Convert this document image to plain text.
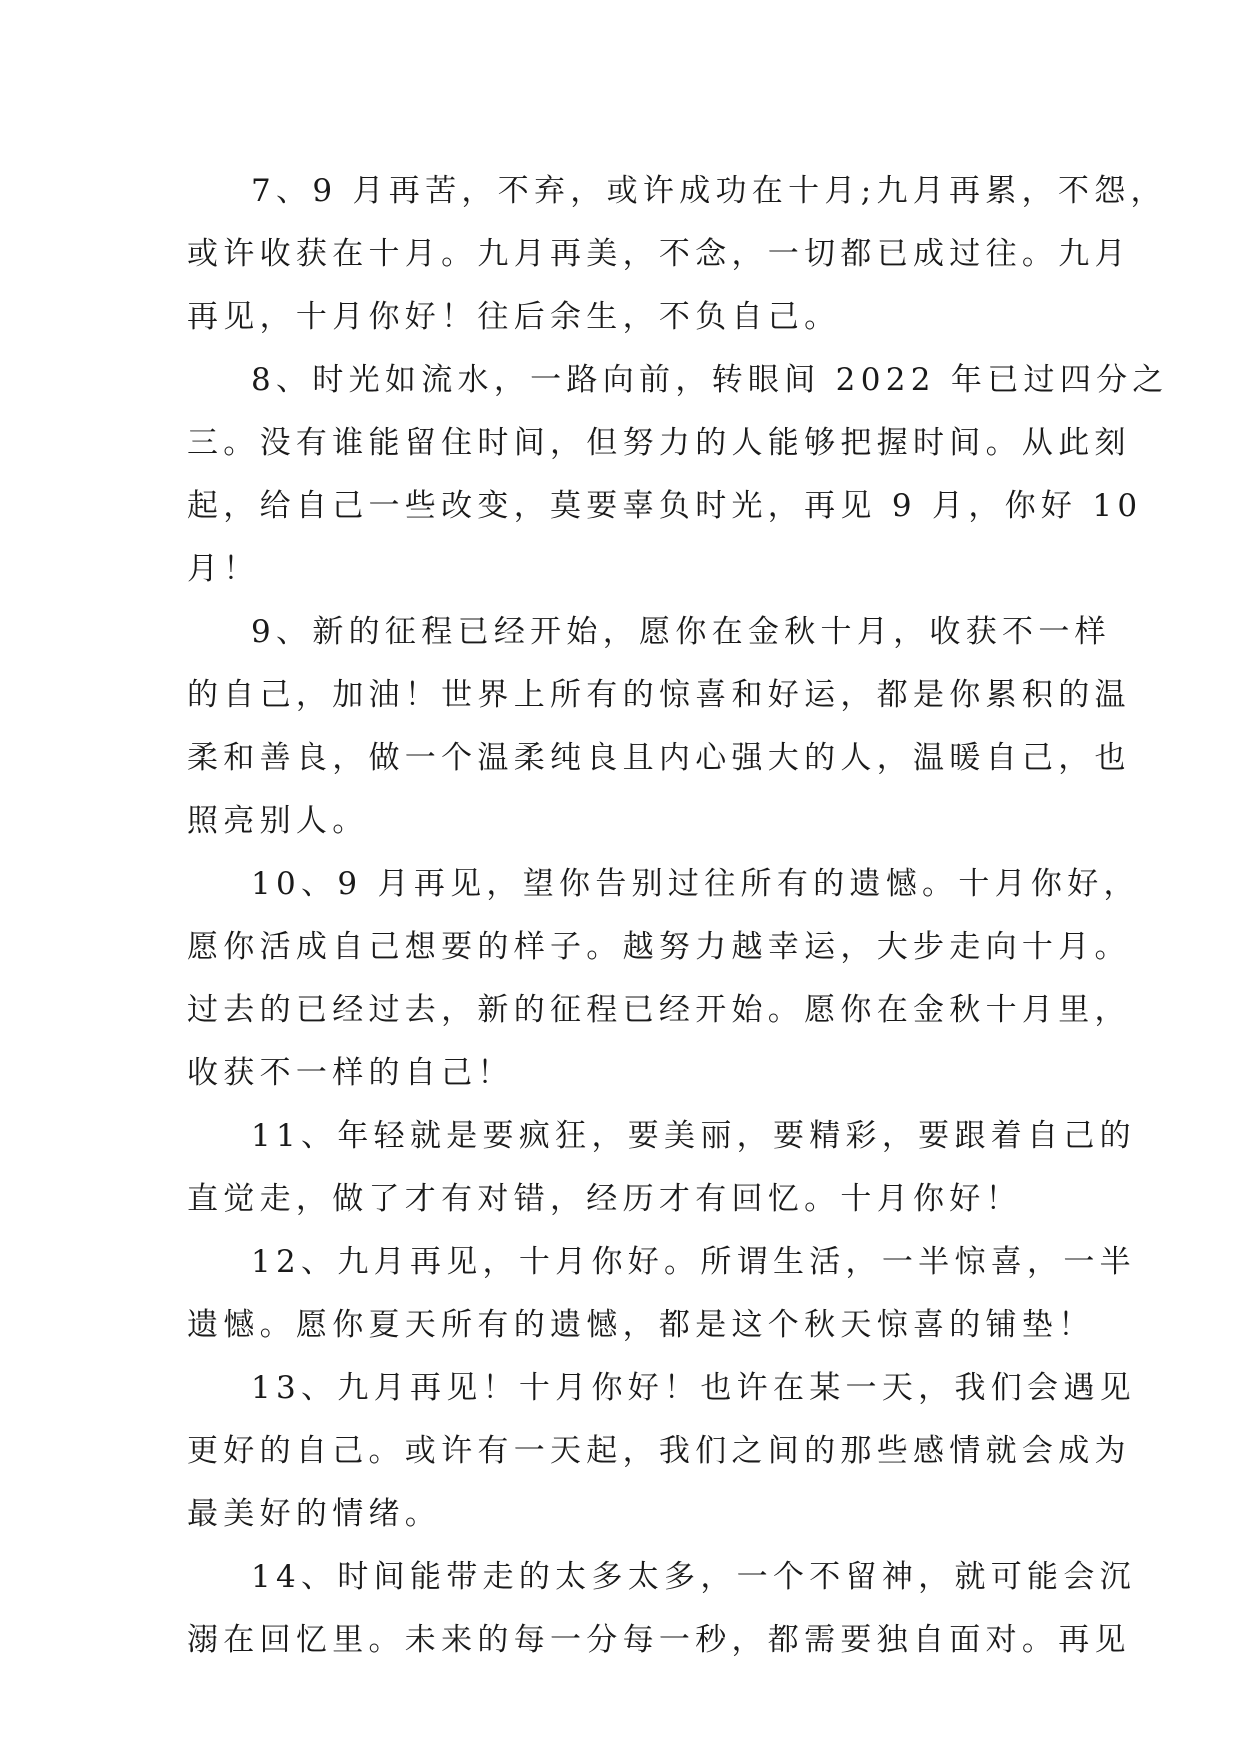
7、9 月再苦，不弃，或许成功在十月;九月再累，不怨，
或许收获在十月。九月再美，不念，一切都已成过往。九月
再见，十月你好！往后余生，不负自己。
8、时光如流水，一路向前，转眼间 2022 年已过四分之
三。没有谁能留住时间，但努力的人能够把握时间。从此刻
起，给自己一些改变，莫要辜负时光，再见 9 月，你好 10
月！
9、新的征程已经开始，愿你在金秋十月，收获不一样
的自己，加油！世界上所有的惊喜和好运，都是你累积的温
柔和善良，做一个温柔纯良且内心强大的人，温暖自己，也
照亮别人。
10、9 月再见，望你告别过往所有的遗憾。十月你好，
愿你活成自己想要的样子。越努力越幸运，大步走向十月。
过去的已经过去，新的征程已经开始。愿你在金秋十月里，
收获不一样的自己！
11、年轻就是要疯狂，要美丽，要精彩，要跟着自己的
直觉走，做了才有对错，经历才有回忆。十月你好！
12、九月再见，十月你好。所谓生活，一半惊喜，一半
遗憾。愿你夏天所有的遗憾，都是这个秋天惊喜的铺垫！
13、九月再见！十月你好！也许在某一天，我们会遇见
更好的自己。或许有一天起，我们之间的那些感情就会成为
最美好的情绪。
14、时间能带走的太多太多，一个不留神，就可能会沉
溺在回忆里。未来的每一分每一秒，都需要独自面对。再见
